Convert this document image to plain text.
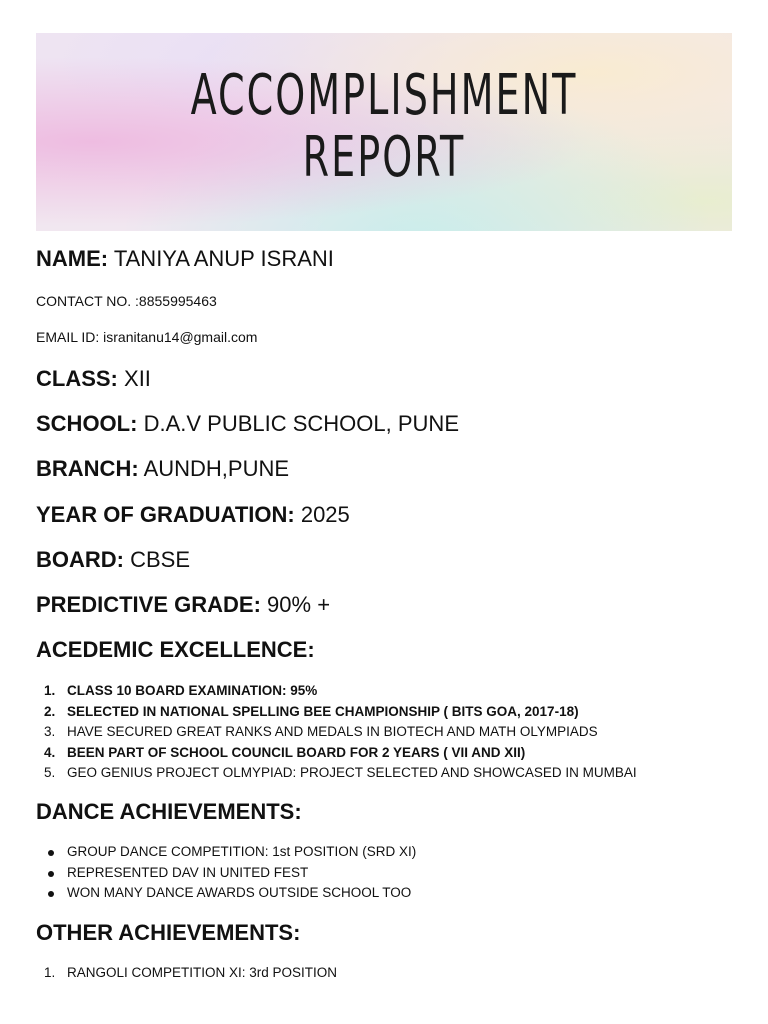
ACCOMPLISHMENT
REPORT
NAME: TANIYA ANUP ISRANI
CONTACT NO. :8855995463
EMAIL ID: isranitanu14@gmail.com
CLASS: XII
SCHOOL: D.A.V PUBLIC SCHOOL, PUNE
BRANCH: AUNDH,PUNE
YEAR OF GRADUATION: 2025
BOARD: CBSE
PREDICTIVE GRADE: 90% +
ACEDEMIC EXCELLENCE:
1. CLASS 10 BOARD EXAMINATION: 95%
2. SELECTED IN NATIONAL SPELLING BEE CHAMPIONSHIP ( BITS GOA, 2017-18)
3. HAVE SECURED GREAT RANKS AND MEDALS IN BIOTECH AND MATH OLYMPIADS
4. BEEN PART OF SCHOOL COUNCIL BOARD FOR 2 YEARS ( VII AND XII)
5. GEO GENIUS PROJECT OLMYPIAD: PROJECT SELECTED AND SHOWCASED IN MUMBAI
DANCE ACHIEVEMENTS:
GROUP DANCE COMPETITION: 1st POSITION (SRD XI)
REPRESENTED DAV IN UNITED FEST
WON MANY DANCE AWARDS OUTSIDE SCHOOL TOO
OTHER ACHIEVEMENTS:
1. RANGOLI COMPETITION XI: 3rd POSITION
